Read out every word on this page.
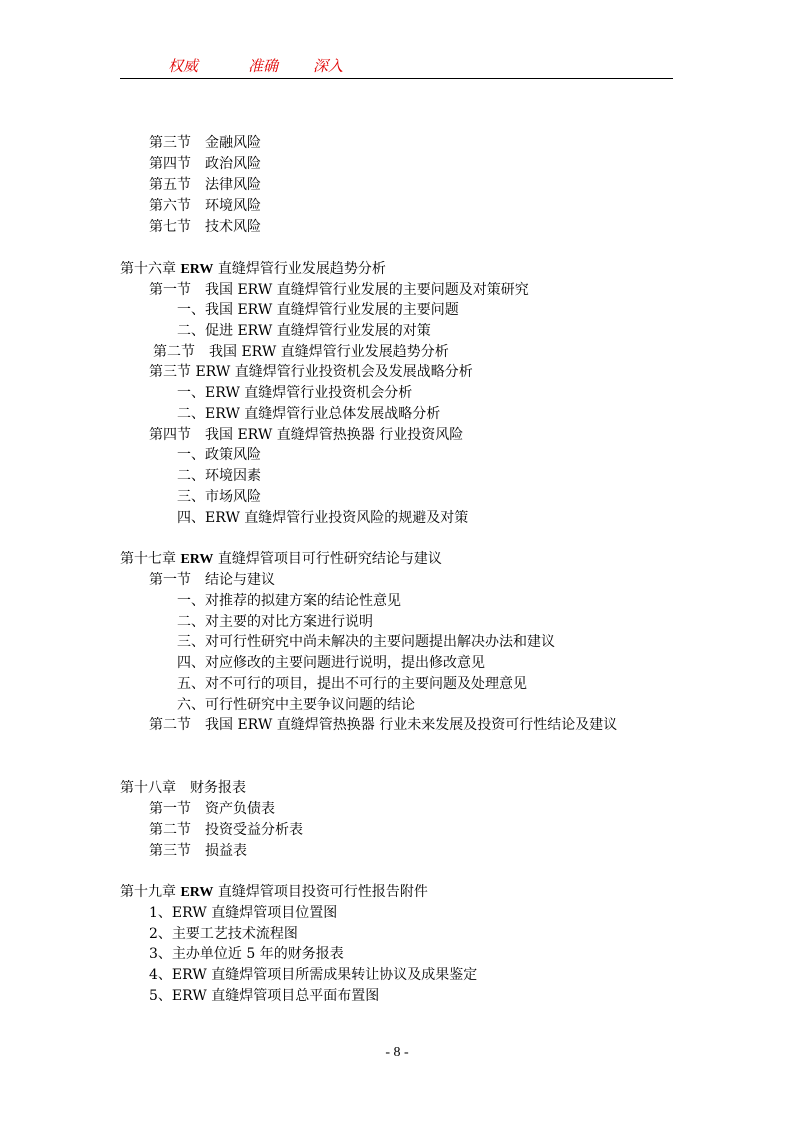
权威	准确 深入
第三节　金融风险
第四节　政治风险
第五节　法律风险
第六节　环境风险
第七节　技术风险
第十六章 ERW 直缝焊管行业发展趋势分析
第一节　我国 ERW 直缝焊管行业发展的主要问题及对策研究
一、我国 ERW 直缝焊管行业发展的主要问题
二、促进 ERW 直缝焊管行业发展的对策
第二节　我国 ERW 直缝焊管行业发展趋势分析
第三节 ERW 直缝焊管行业投资机会及发展战略分析
一、ERW 直缝焊管行业投资机会分析
二、ERW 直缝焊管行业总体发展战略分析
第四节　我国 ERW 直缝焊管热换器 行业投资风险
一、政策风险
二、环境因素
三、市场风险
四、ERW 直缝焊管行业投资风险的规避及对策
第十七章 ERW 直缝焊管项目可行性研究结论与建议
第一节　结论与建议
一、对推荐的拟建方案的结论性意见
二、对主要的对比方案进行说明
三、对可行性研究中尚未解决的主要问题提出解决办法和建议
四、对应修改的主要问题进行说明，提出修改意见
五、对不可行的项目，提出不可行的主要问题及处理意见
六、可行性研究中主要争议问题的结论
第二节　我国 ERW 直缝焊管热换器 行业未来发展及投资可行性结论及建议
第十八章　财务报表
第一节　资产负债表
第二节　投资受益分析表
第三节　损益表
第十九章 ERW 直缝焊管项目投资可行性报告附件
1、ERW 直缝焊管项目位置图
2、主要工艺技术流程图
3、主办单位近 5 年的财务报表
4、ERW 直缝焊管项目所需成果转让协议及成果鉴定
5、ERW 直缝焊管项目总平面布置图
- 8 -
